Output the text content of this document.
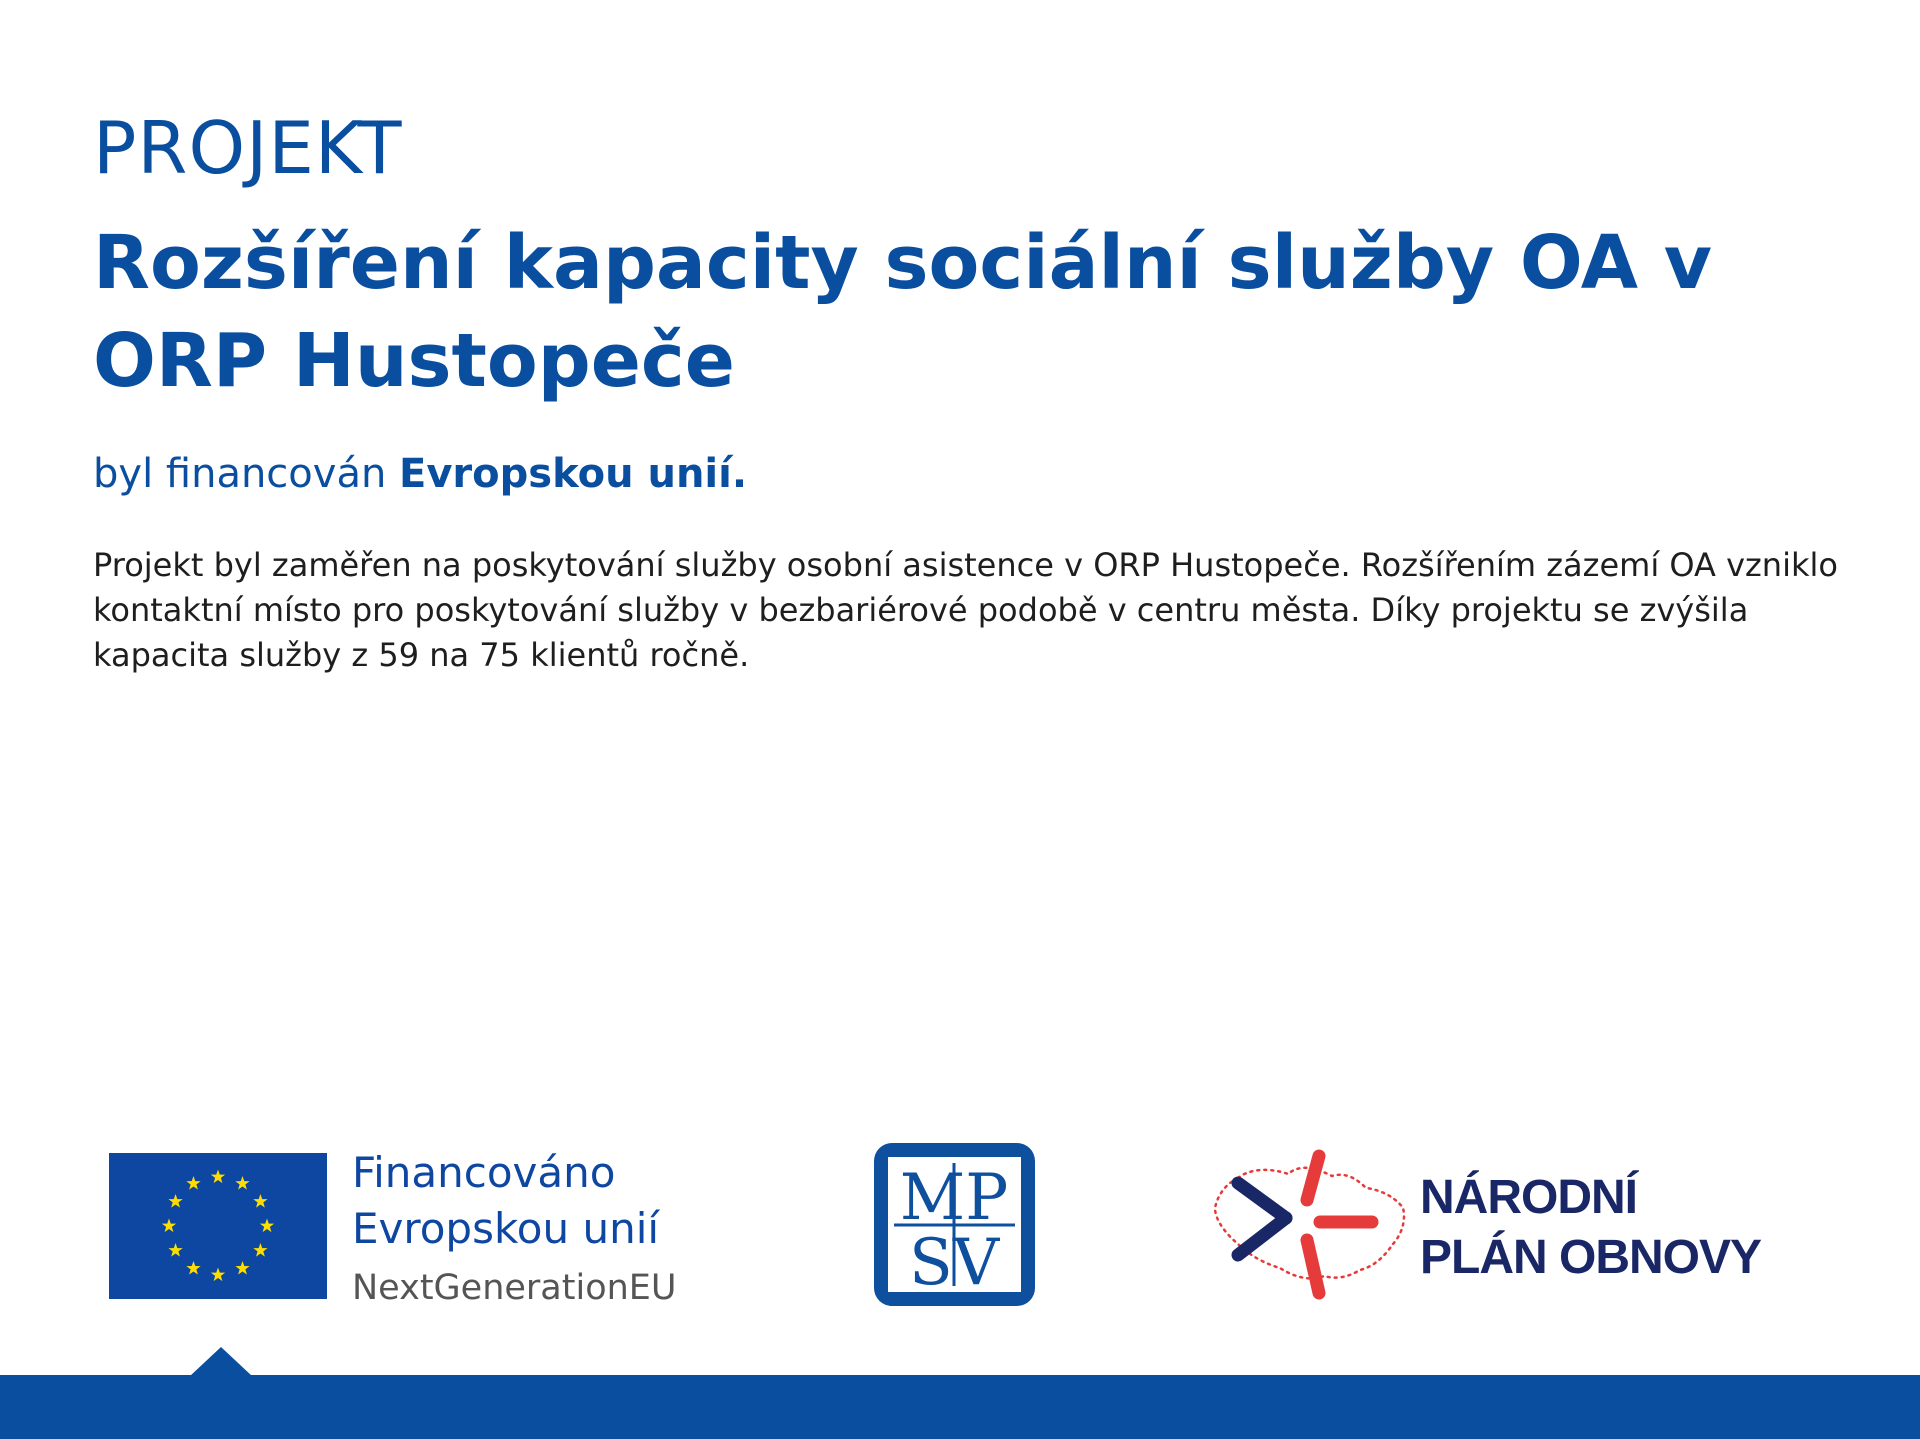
PROJEKT
Rozšíření kapacity sociální služby OA v ORP Hustopeče
byl financován Evropskou unií.
Projekt byl zaměřen na poskytování služby osobní asistence v ORP Hustopeče. Rozšířením zázemí OA vzniklo kontaktní místo pro poskytování služby v bezbariérové podobě v centru města. Díky projektu se zvýšila kapacita služby z 59 na 75 klientů ročně.
Financováno
Evropskou unií
NextGenerationEU
MP
SV
NÁRODNÍ
PLÁN OBNOVY
